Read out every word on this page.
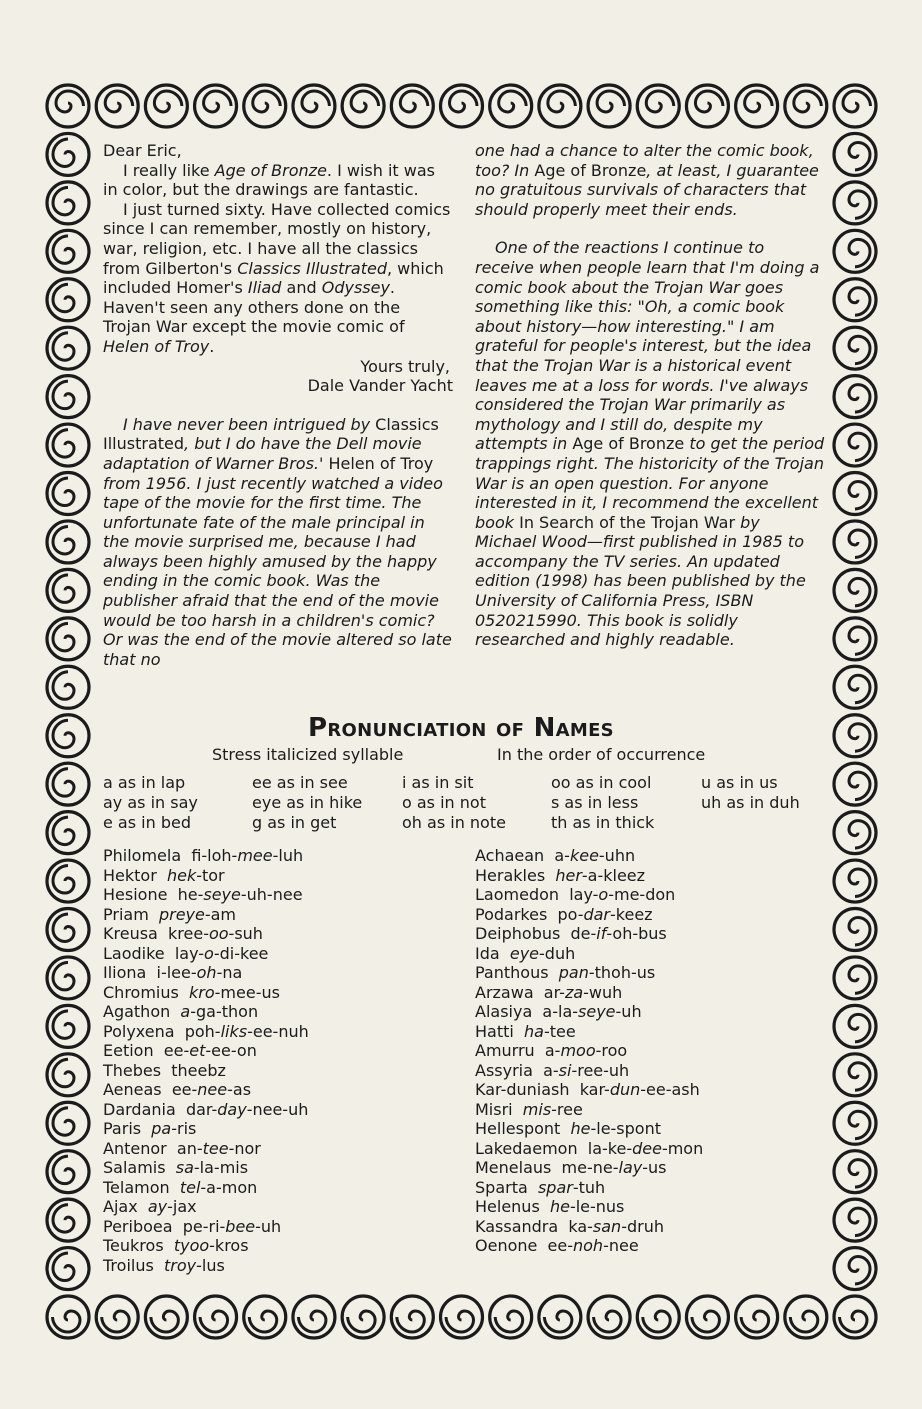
Dear Eric,

I really like Age of Bronze. I wish it was in color, but the drawings are fantastic.

I just turned sixty. Have collected comics since I can remember, mostly on history, war, religion, etc. I have all the classics from Gilberton's Classics Illustrated, which included Homer's Iliad and Odyssey. Haven't seen any others done on the Trojan War except the movie comic of Helen of Troy.

Yours truly,

Dale Vander Yacht

I have never been intrigued by Classics Illustrated, but I do have the Dell movie adaptation of Warner Bros.' Helen of Troy from 1956. I just recently watched a video tape of the movie for the first time. The unfortunate fate of the male principal in the movie surprised me, because I had always been highly amused by the happy ending in the comic book. Was the publisher afraid that the end of the movie would be too harsh in a children's comic? Or was the end of the movie altered so late that no

one had a chance to alter the comic book, too? In Age of Bronze, at least, I guarantee no gratuitous survivals of characters that should properly meet their ends.

One of the reactions I continue to receive when people learn that I'm doing a comic book about the Trojan War goes something like this: "Oh, a comic book about history—how interesting." I am grateful for people's interest, but the idea that the Trojan War is a historical event leaves me at a loss for words. I've always considered the Trojan War primarily as mythology and I still do, despite my attempts in Age of Bronze to get the period trappings right. The historicity of the Trojan War is an open question. For anyone interested in it, I recommend the excellent book In Search of the Trojan War by Michael Wood—first published in 1985 to accompany the TV series. An updated edition (1998) has been published by the University of California Press, ISBN 0520215990. This book is solidly researched and highly readable.

Pronunciation of Names
Stress italicized syllable	In the order of occurrence
a as in lap
ay as in say
e as in bed
ee as in see
eye as in hike
g as in get
i as in sit
o as in not
oh as in note
oo as in cool
s as in less
th as in thick
u as in us
uh as in duh
Philomela  fi-loh-mee-luh
Hektor  hek-tor
Hesione  he-seye-uh-nee
Priam  preye-am
Kreusa  kree-oo-suh
Laodike  lay-o-di-kee
Iliona  i-lee-oh-na
Chromius  kro-mee-us
Agathon  a-ga-thon
Polyxena  poh-liks-ee-nuh
Eetion  ee-et-ee-on
Thebes  theebz
Aeneas  ee-nee-as
Dardania  dar-day-nee-uh
Paris  pa-ris
Antenor  an-tee-nor
Salamis  sa-la-mis
Telamon  tel-a-mon
Ajax  ay-jax
Periboea  pe-ri-bee-uh
Teukros  tyoo-kros
Troilus  troy-lus
Achaean  a-kee-uhn
Herakles  her-a-kleez
Laomedon  lay-o-me-don
Podarkes  po-dar-keez
Deiphobus  de-if-oh-bus
Ida  eye-duh
Panthous  pan-thoh-us
Arzawa  ar-za-wuh
Alasiya  a-la-seye-uh
Hatti  ha-tee
Amurru  a-moo-roo
Assyria  a-si-ree-uh
Kar-duniash  kar-dun-ee-ash
Misri  mis-ree
Hellespont  he-le-spont
Lakedaemon  la-ke-dee-mon
Menelaus  me-ne-lay-us
Sparta  spar-tuh
Helenus  he-le-nus
Kassandra  ka-san-druh
Oenone  ee-noh-nee
